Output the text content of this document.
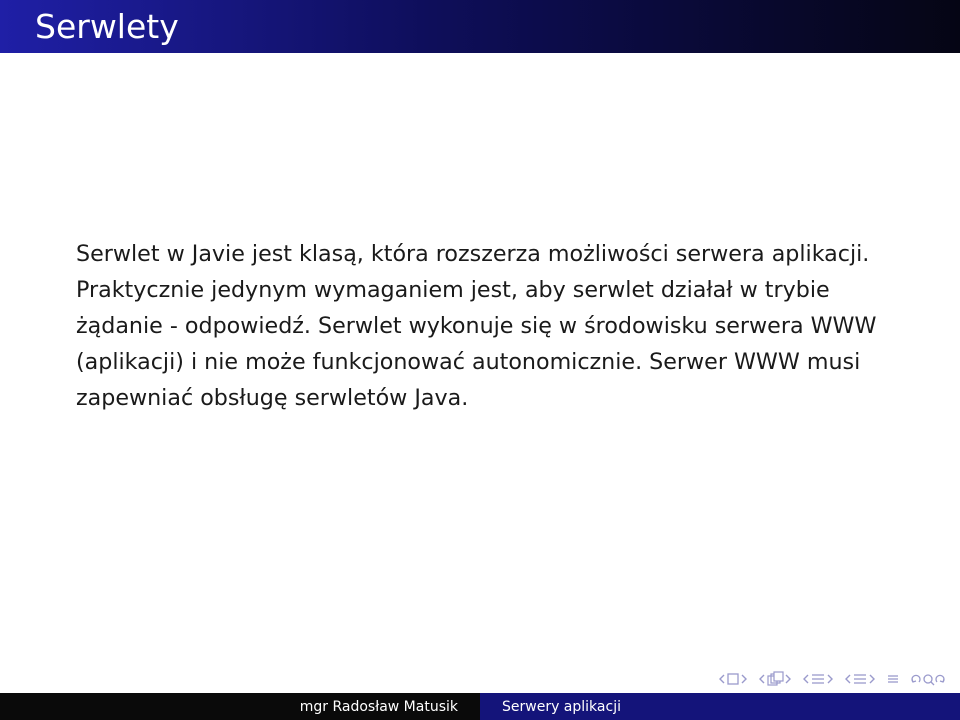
Serwlety

Serwlet w Javie jest klasą, która rozszerza możliwości serwera aplikacji. Praktycznie jedynym wymaganiem jest, aby serwlet działał w trybie żądanie - odpowiedź. Serwlet wykonuje się w środowisku serwera WWW (aplikacji) i nie może funkcjonować autonomicznie. Serwer WWW musi zapewniać obsługę serwletów Java.

mgr Radosław Matusik	Serwery aplikacji
